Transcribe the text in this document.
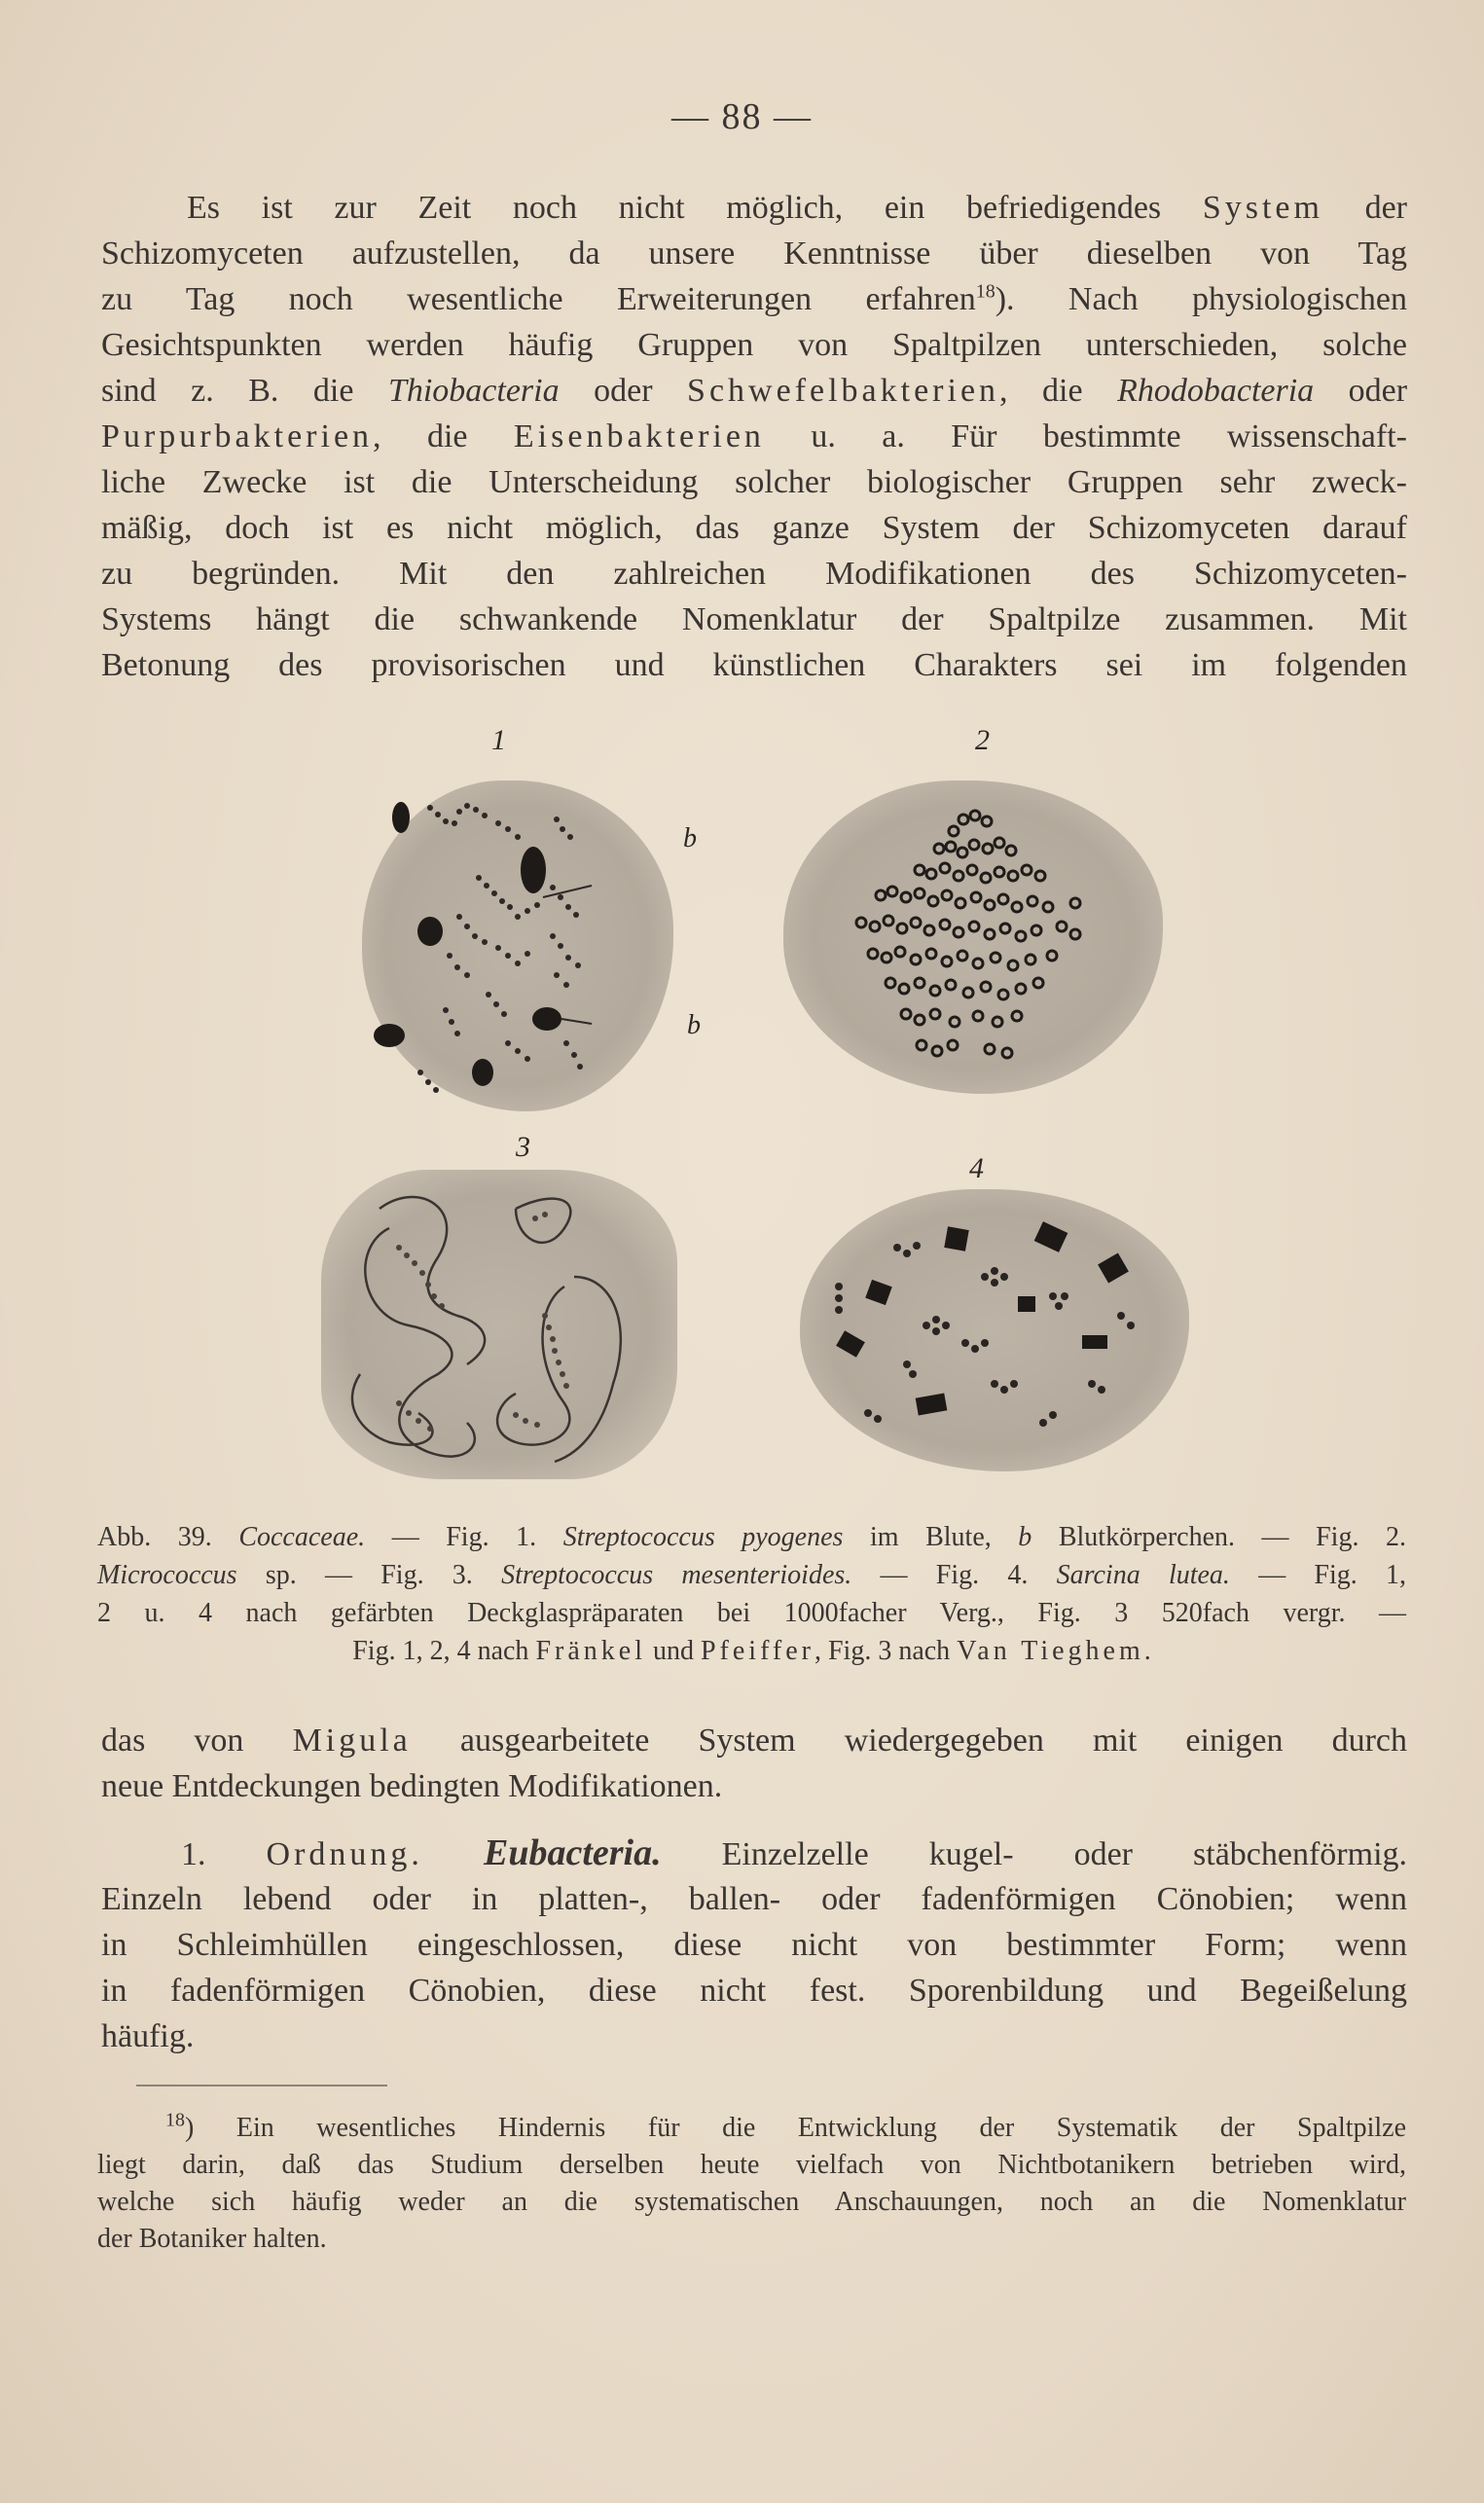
— 88 —
Es ist zur Zeit noch nicht möglich, ein befriedigendes System der
Schizomyceten aufzustellen, da unsere Kenntnisse über dieselben von Tag
zu Tag noch wesentliche Erweiterungen erfahren$^{18}$). Nach physiologischen
Gesichtspunkten werden häufig Gruppen von Spaltpilzen unterschieden, solche
sind z. B. die Thiobacteria oder Schwefelbakterien, die Rhodobacteria oder
Purpurbakterien, die Eisenbakterien u. a. Für bestimmte wissenschaft-
liche Zwecke ist die Unterscheidung solcher biologischer Gruppen sehr zweck-
mäßig, doch ist es nicht möglich, das ganze System der Schizomyceten darauf
zu begründen. Mit den zahlreichen Modifikationen des Schizomyceten-
Systems hängt die schwankende Nomenklatur der Spaltpilze zusammen. Mit
Betonung des provisorischen und künstlichen Charakters sei im folgenden
1	2
3
4
b
b
Abb. 39. Coccaceae. — Fig. 1. Streptococcus pyogenes im Blute, b Blutkörperchen. — Fig. 2.
Micrococcus sp. — Fig. 3. Streptococcus mesenterioides. — Fig. 4. Sarcina lutea. — Fig. 1,
2 u. 4 nach gefärbten Deckglaspräparaten bei 1000facher Verg., Fig. 3 520fach vergr. —
Fig. 1, 2, 4 nach Fränkel und Pfeiffer, Fig. 3 nach Van Tieghem.
das von Migula ausgearbeitete System wiedergegeben mit einigen durch
neue Entdeckungen bedingten Modifikationen.
1. Ordnung. Eubacteria. Einzelzelle kugel- oder stäbchenförmig.
Einzeln lebend oder in platten-, ballen- oder fadenförmigen Cönobien; wenn
in Schleimhüllen eingeschlossen, diese nicht von bestimmter Form; wenn
in fadenförmigen Cönobien, diese nicht fest. Sporenbildung und Begeißelung
häufig.
$^{18}$) Ein wesentliches Hindernis für die Entwicklung der Systematik der Spaltpilze
liegt darin, daß das Studium derselben heute vielfach von Nichtbotanikern betrieben wird,
welche sich häufig weder an die systematischen Anschauungen, noch an die Nomenklatur
der Botaniker halten.
